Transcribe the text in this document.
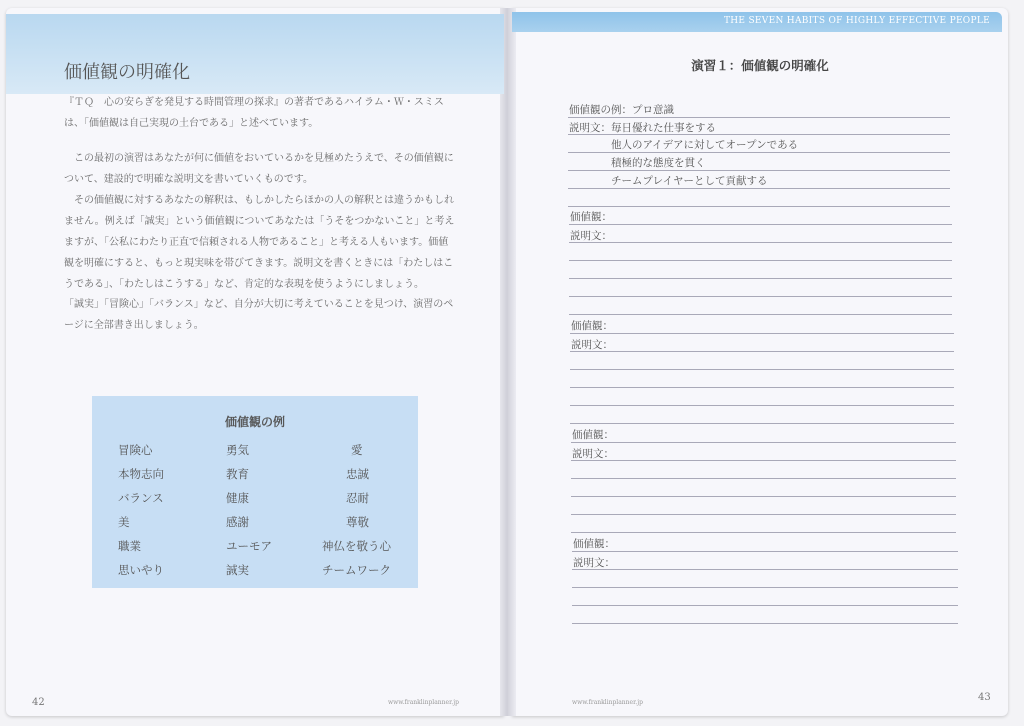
THE SEVEN HABITS OF HIGHLY EFFECTIVE PEOPLE
価値観の明確化

『ＴＱ　心の安らぎを発見する時間管理の探求』の著者であるハイラム・Ｗ・スミスは、「価値観は自己実現の土台である」と述べています。

この最初の演習はあなたが何に価値をおいているかを見極めたうえで、その価値観について、建設的で明確な説明文を書いていくものです。

その価値観に対するあなたの解釈は、もしかしたらほかの人の解釈とは違うかもしれません。例えば「誠実」という価値観についてあなたは「うそをつかないこと」と考えますが、「公私にわたり正直で信頼される人物であること」と考える人もいます。価値観を明確にすると、もっと現実味を帯びてきます。説明文を書くときには「わたしはこうである」、「わたしはこうする」など、肯定的な表現を使うようにしましょう。

「誠実」「冒険心」「バランス」など、自分が大切に考えていることを見つけ、演習のページに全部書き出しましょう。

価値観の例
冒険心	勇気	愛
本物志向	教育	忠誠
バランス	健康	忍耐
美	感謝	尊敬
職業	ユーモア	神仏を敬う心
思いやり	誠実	チームワーク
42	www.franklinplanner.jp
演習１：価値観の明確化
価値観の例：プロ意識
説明文：毎日優れた仕事をする
他人のアイデアに対してオープンである
積極的な態度を貫く
チームプレイヤーとして貢献する
価値観：
説明文：
価値観：
説明文：
価値観：
説明文：
価値観：
説明文：
www.franklinplanner.jp	43
